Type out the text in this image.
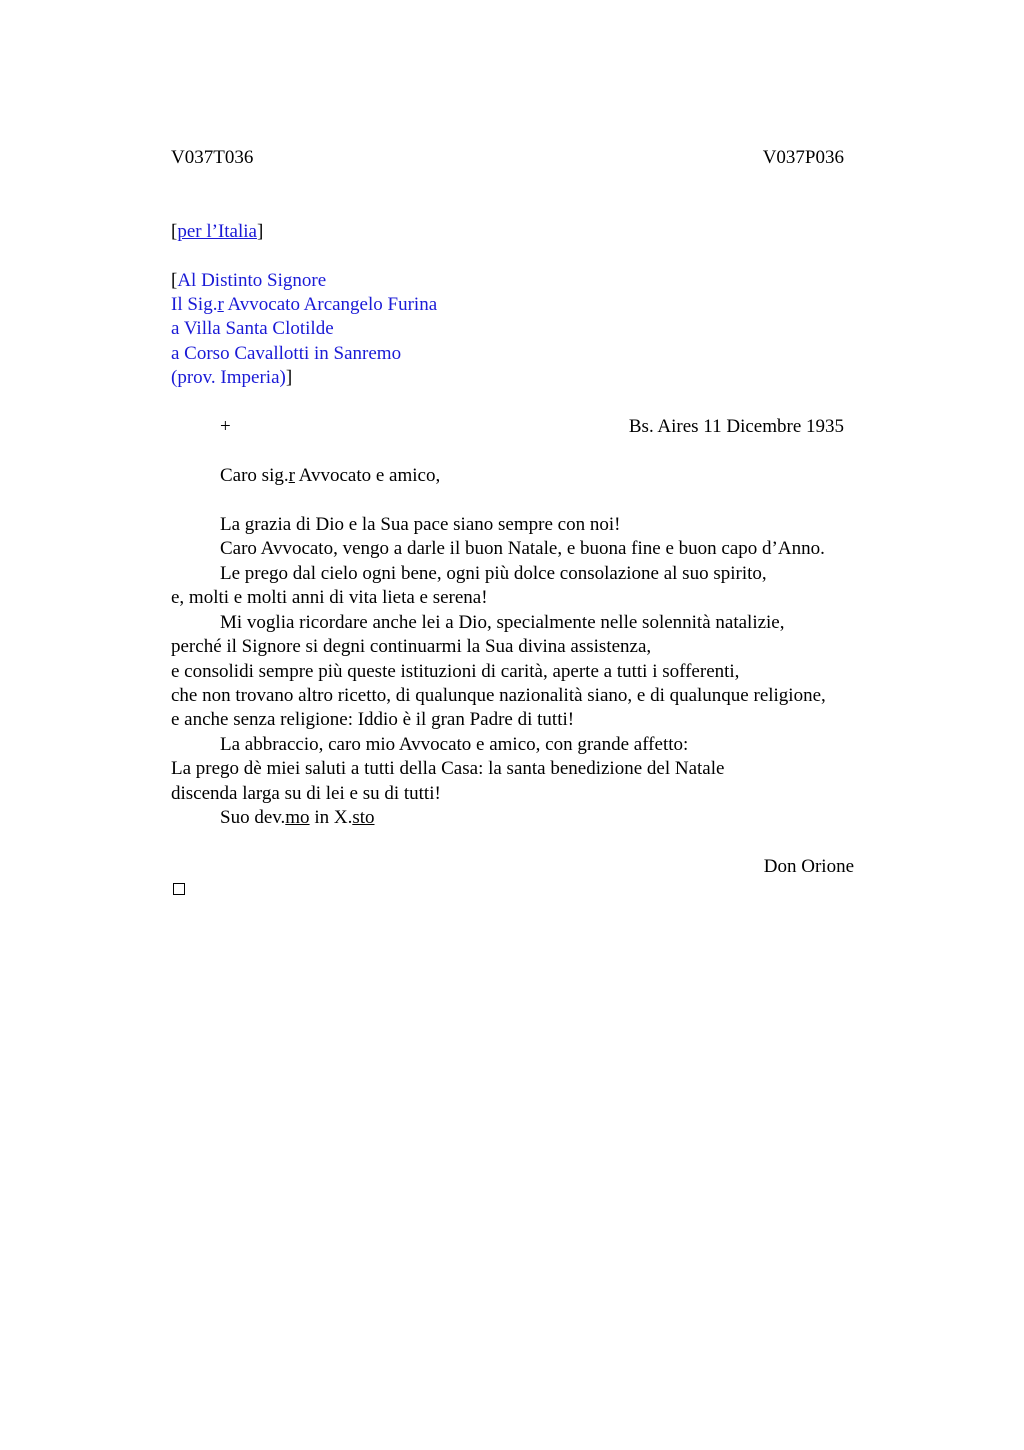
V037T036	V037P036
[per l’Italia]
[Al Distinto Signore
Il Sig.r Avvocato Arcangelo Furina
a Villa Santa Clotilde
a Corso Cavallotti in Sanremo
(prov. Imperia)]
+	Bs. Aires 11 Dicembre 1935
Caro sig.r Avvocato e amico,
La grazia di Dio e la Sua pace siano sempre con noi!
Caro Avvocato, vengo a darle il buon Natale, e buona fine e buon capo d’Anno.
Le prego dal cielo ogni bene, ogni più dolce consolazione al suo spirito,
e, molti e molti anni di vita lieta e serena!
Mi voglia ricordare anche lei a Dio, specialmente nelle solennità natalizie,
perché il Signore si degni continuarmi la Sua divina assistenza,
e consolidi sempre più queste istituzioni di carità, aperte a tutti i sofferenti,
che non trovano altro ricetto, di qualunque nazionalità siano, e di qualunque religione,
e anche senza religione: Iddio è il gran Padre di tutti!
La abbraccio, caro mio Avvocato e amico, con grande affetto:
La prego dè miei saluti a tutti della Casa: la santa benedizione del Natale
discenda larga su di lei e su di tutti!
Suo dev.mo in X.sto
Don Orione
